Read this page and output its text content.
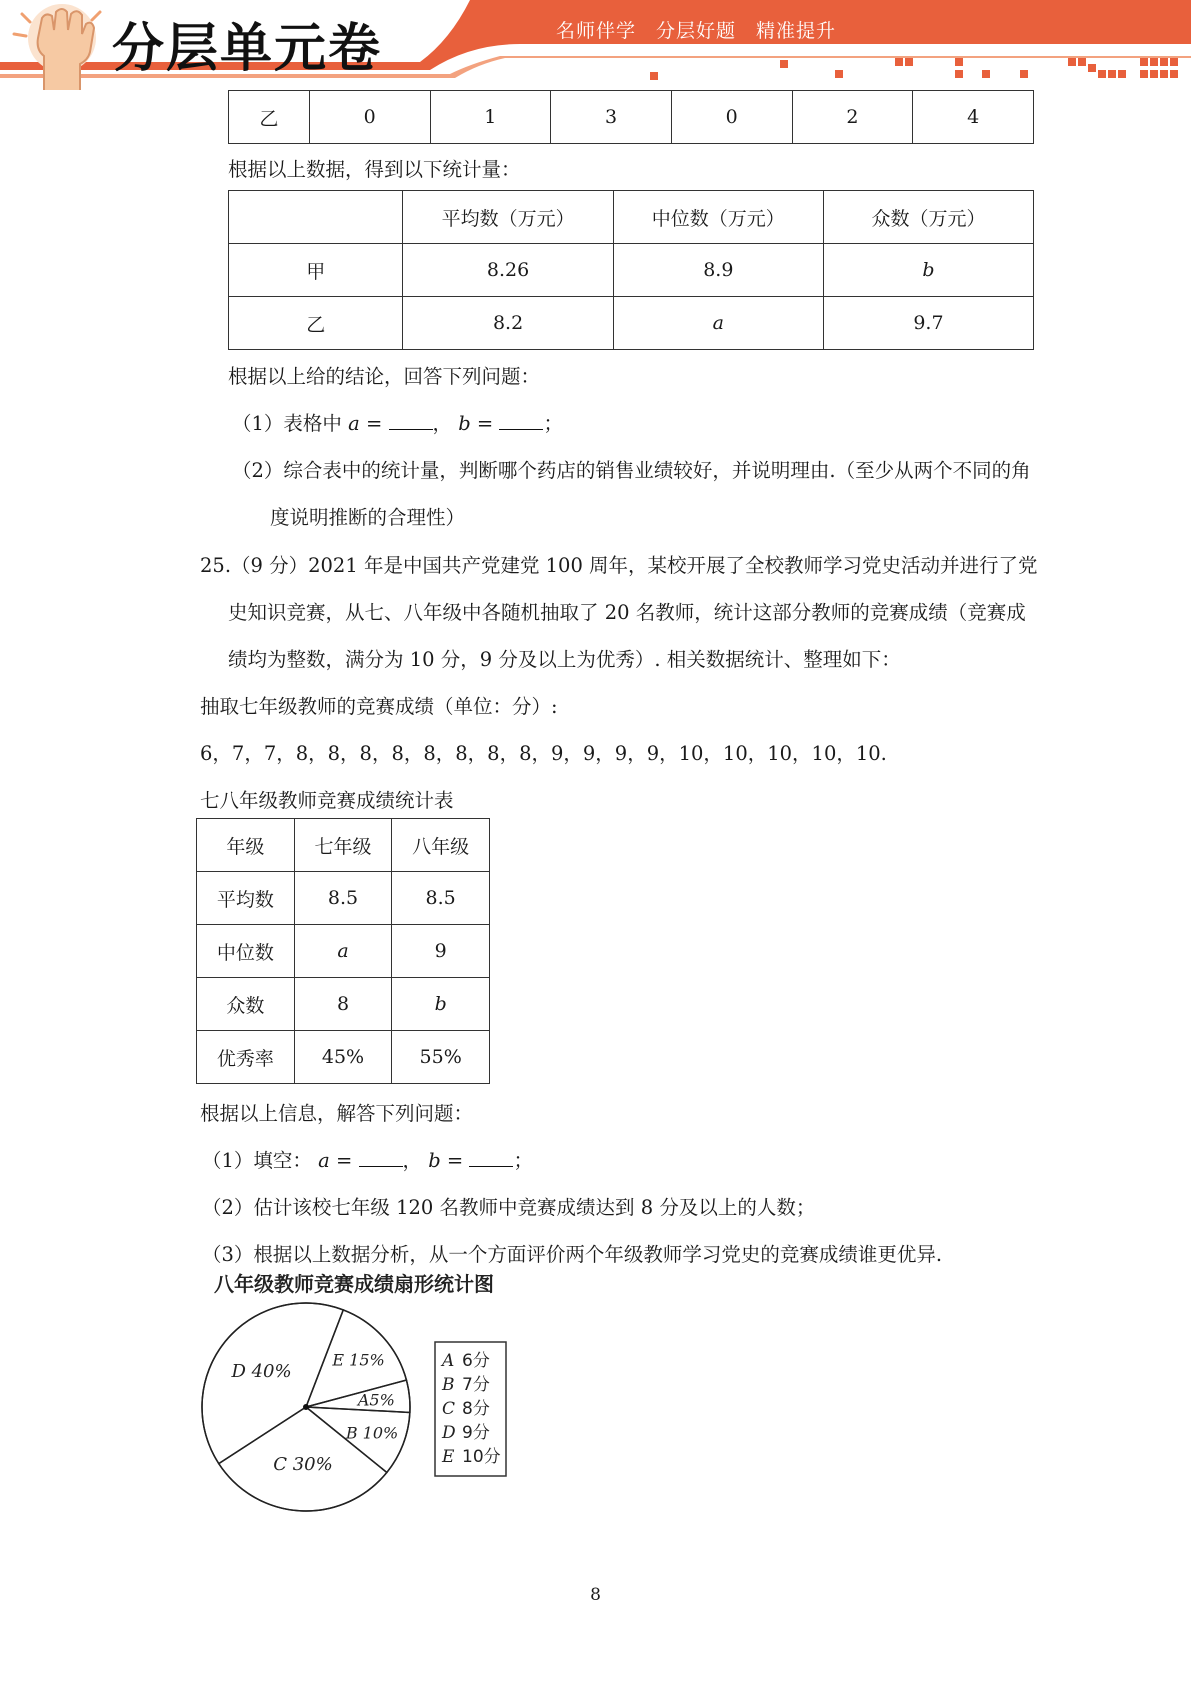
分层单元卷	名师伴学 分层好题 精准提升
乙	0	1	3	0	2	4
根据以上数据，得到以下统计量：
	平均数（万元）	中位数（万元）	众数（万元）
甲	8.26	8.9	b
乙	8.2	a	9.7
根据以上给的结论，回答下列问题：
（1）表格中 a = ， b = ；
（2）综合表中的统计量，判断哪个药店的销售业绩较好，并说明理由.（至少从两个不同的角
度说明推断的合理性）
25.（9 分）2021 年是中国共产党建党 100 周年，某校开展了全校教师学习党史活动并进行了党
史知识竞赛，从七、八年级中各随机抽取了 20 名教师，统计这部分教师的竞赛成绩（竞赛成
绩均为整数，满分为 10 分，9 分及以上为优秀）. 相关数据统计、整理如下：
抽取七年级教师的竞赛成绩（单位：分）:
6，7，7，8，8，8，8，8，8，8，8，9，9，9，9，10，10，10，10，10.
七八年级教师竞赛成绩统计表
年级	七年级	八年级
平均数	8.5	8.5
中位数	a	9
众数	8	b
优秀率	45%	55%
根据以上信息，解答下列问题：
（1）填空： a = ， b = ；
（2）估计该校七年级 120 名教师中竞赛成绩达到 8 分及以上的人数；
（3）根据以上数据分析，从一个方面评价两个年级教师学习党史的竞赛成绩谁更优异.
八年级教师竞赛成绩扇形统计图
A5%
B 10%
C 30%
D 40%
E 15%	A 6分
B 7分
C 8分
D 9分
E 10分
8
